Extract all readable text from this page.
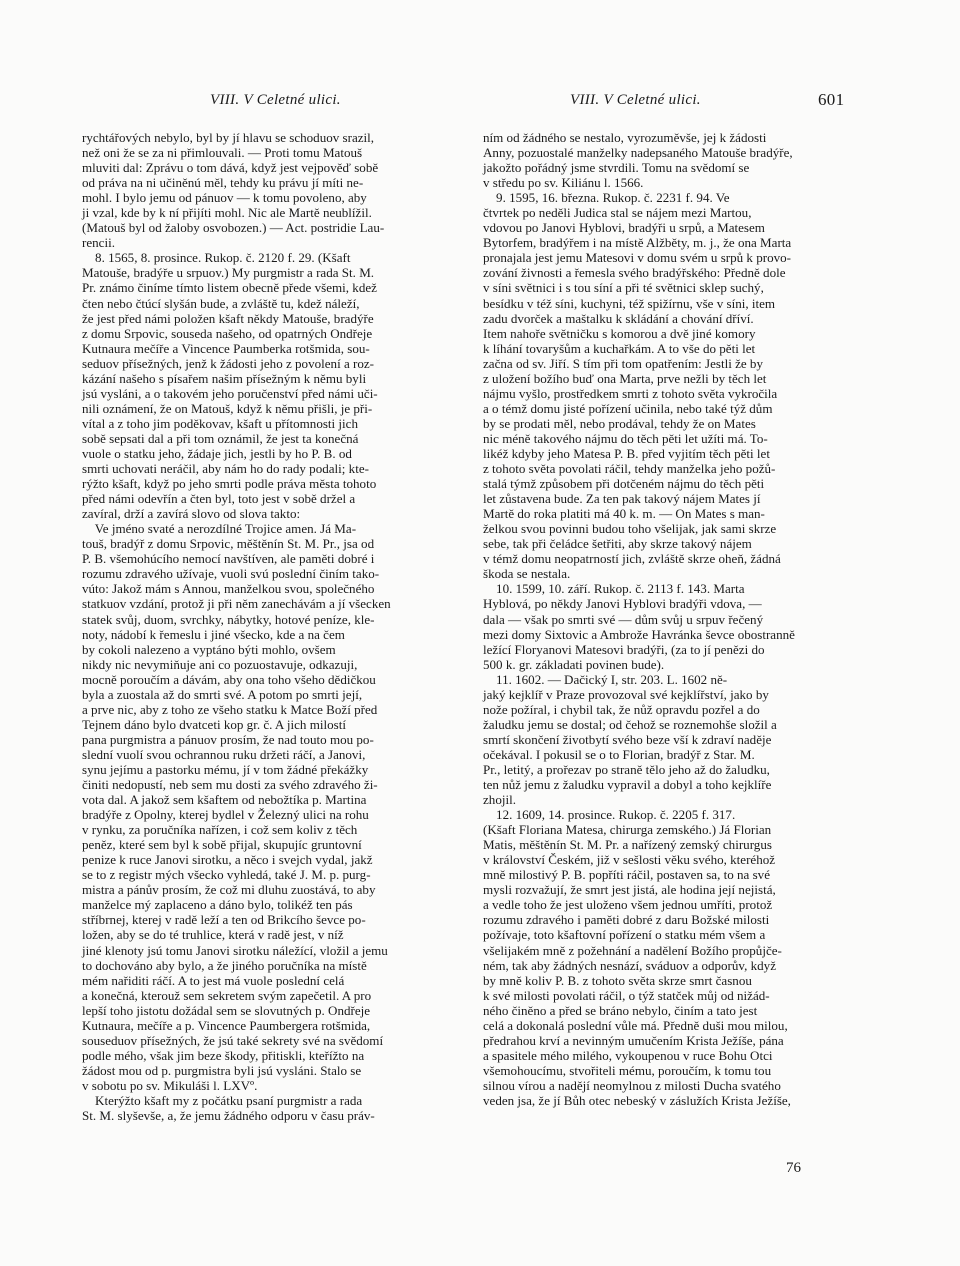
VIII. V Celetné ulici.	VIII. V Celetné ulici.	601

rychtářových nebylo, byl by jí hlavu se schoduov srazil,

než oni že se za ni přimlouvali. — Proti tomu Matouš

mluviti dal: Zprávu o tom dává, když jest vejpověď sobě

od práva na ni učiněnú měl, tehdy ku právu jí míti ne-

mohl. I bylo jemu od pánuov — k tomu povoleno, aby

ji vzal, kde by k ní přijíti mohl. Nic ale Martě neublížil.

(Matouš byl od žaloby osvobozen.) — Act. postridie Lau-

rencii.

8. 1565, 8. prosince. Rukop. č. 2120 f. 29. (Kšaft

Matouše, bradýře u srpuov.) My purgmistr a rada St. M.

Pr. známo činíme tímto listem obecně přede všemi, kdež

čten nebo čtúcí slyšán bude, a zvláště tu, kdež náleží,

že jest před námi položen kšaft někdy Matouše, bradýře

z domu Srpovic, souseda našeho, od opatrných Ondřeje

Kutnaura mečíře a Vincence Paumberka rotšmida, sou-

seduov přísežných, jenž k žádosti jeho z povolení a roz-

kázání našeho s písařem našim přísežným k němu byli

jsú vysláni, a o takovém jeho poručenství před námi uči-

nili oznámení, že on Matouš, když k němu přišli, je při-

vítal a z toho jim poděkovav, kšaft u přítomnosti jich

sobě sepsati dal a při tom oznámil, že jest ta konečná

vuole o statku jeho, žádaje jich, jestli by ho P. B. od

smrti uchovati neráčil, aby nám ho do rady podali; kte-

rýžto kšaft, když po jeho smrti podle práva města tohoto

před námi odevřín a čten byl, toto jest v sobě držel a

zavíral, drží a zavírá slovo od slova takto:

Ve jméno svaté a nerozdílné Trojice amen. Já Ma-

touš, bradýř z domu Srpovic, měštěnín St. M. Pr., jsa od

P. B. všemohúcího nemocí navštíven, ale paměti dobré i

rozumu zdravého užívaje, vuoli svú poslední činím tako-

vúto: Jakož mám s Annou, manželkou svou, společného

statkuov vzdání, protož ji při něm zanechávám a jí všecken

statek svůj, duom, svrchky, nábytky, hotové peníze, kle-

noty, nádobí k řemeslu i jiné všecko, kde a na čem

by cokoli nalezeno a vyptáno býti mohlo, ovšem

nikdy nic nevymiňuje ani co pozuostavuje, odkazuji,

mocně poroučím a dávám, aby ona toho všeho dědičkou

byla a zuostala až do smrti své. A potom po smrti její,

a prve nic, aby z toho ze všeho statku k Matce Boží před

Tejnem dáno bylo dvatceti kop gr. č. A jich milostí

pana purgmistra a pánuov prosím, že nad touto mou po-

slední vuolí svou ochrannou ruku držeti ráčí, a Janovi,

synu jejímu a pastorku mému, jí v tom žádné překážky

činiti nedopustí, neb sem mu dosti za svého zdravého ži-

vota dal. A jakož sem kšaftem od nebožtíka p. Martina

bradýře z Opolny, kterej bydlel v Železný ulici na rohu

v rynku, za poručníka nařízen, i což sem koliv z těch

peněz, které sem byl k sobě přijal, skupujíc gruntovní

penize k ruce Janovi sirotku, a něco i svejch vydal, jakž

se to z registr mých všecko vyhledá, také J. M. p. purg-

mistra a pánův prosím, že což mi dluhu zuostává, to aby

manželce mý zaplaceno a dáno bylo, tolikéž ten pás

stříbrnej, kterej v radě leží a ten od Brikcího ševce po-

ložen, aby se do té truhlice, která v radě jest, v níž

jiné klenoty jsú tomu Janovi sirotku náležící, vložil a jemu

to dochováno aby bylo, a že jiného poručníka na místě

mém nařiditi ráčí. A to jest má vuole poslední celá

a konečná, kterouž sem sekretem svým zapečetil. A pro

lepší toho jistotu dožádal sem se slovutných p. Ondřeje

Kutnaura, mečíře a p. Vincence Paumbergera rotšmida,

souseduov přísežných, že jsú také sekrety své na svědomí

podle mého, však jim beze škody, přitiskli, kteřížto na

žádost mou od p. purgmistra byli jsú vysláni. Stalo se

v sobotu po sv. Mikuláši l. LXVº.

Kterýžto kšaft my z počátku psaní purgmistr a rada

St. M. slyševše, a, že jemu žádného odporu v času práv-

ním od žádného se nestalo, vyrozuměvše, jej k žádosti

Anny, pozuostalé manželky nadepsaného Matouše bradýře,

jakožto pořádný jsme stvrdili. Tomu na svědomí se

v středu po sv. Kiliánu l. 1566.

9. 1595, 16. března. Rukop. č. 2231 f. 94. Ve

čtvrtek po neděli Judica stal se nájem mezi Martou,

vdovou po Janovi Hyblovi, bradýři u srpů, a Matesem

Bytorfem, bradýřem i na místě Alžběty, m. j., že ona Marta

pronajala jest jemu Matesovi v domu svém u srpů k provo-

zování živnosti a řemesla svého bradýřského: Předně dole

v síni světnici i s tou síní a při té světnici sklep suchý,

besídku v též síni, kuchyni, též spižírnu, vše v síni, item

zadu dvorček a maštalku k skládání a chování dříví.

Item nahoře světničku s komorou a dvě jiné komory

k líhání tovaryšům a kuchařkám. A to vše do pěti let

začna od sv. Jiří. S tím při tom opatřením: Jestli že by

z uložení božího buď ona Marta, prve nežli by těch let

nájmu vyšlo, prostředkem smrti z tohoto světa vykročila

a o témž domu jisté pořízení učinila, nebo také týž dům

by se prodati měl, nebo prodával, tehdy že on Mates

nic méně takového nájmu do těch pěti let užíti má. To-

likéž kdyby jeho Matesa P. B. před vyjitím těch pěti let

z tohoto světa povolati ráčil, tehdy manželka jeho požů-

stalá týmž způsobem při dotčeném nájmu do těch pěti

let zůstavena bude. Za ten pak takový nájem Mates jí

Martě do roka platiti má 40 k. m. — On Mates s man-

želkou svou povinni budou toho všelijak, jak sami skrze

sebe, tak při čeládce šetřiti, aby skrze takový nájem

v témž domu neopatrností jich, zvláště skrze oheň, žádná

škoda se nestala.

10. 1599, 10. září. Rukop. č. 2113 f. 143. Marta

Hyblová, po někdy Janovi Hyblovi bradýři vdova, —

dala — však po smrti své — dům svůj u srpuv řečený

mezi domy Sixtovic a Ambrože Havránka ševce obostranně

ležící Floryanovi Matesovi bradýři, (za to jí penězi do

500 k. gr. základati povinen bude).

11. 1602. — Dačický I, str. 203. L. 1602 ně-

jaký kejklíř v Praze provozoval své kejklířství, jako by

nože požíral, i chybil tak, že nůž opravdu pozřel a do

žaludku jemu se dostal; od čehož se roznemohše složil a

smrtí skončení životbytí svého beze vší k zdraví naděje

očekával. I pokusil se o to Florian, bradýř z Star. M.

Pr., letitý, a prořezav po straně tělo jeho až do žaludku,

ten nůž jemu z žaludku vypravil a dobyl a toho kejklíře

zhojil.

12. 1609, 14. prosince. Rukop. č. 2205 f. 317.

(Kšaft Floriana Matesa, chirurga zemského.) Já Florian

Matis, měštěnín St. M. Pr. a nařízený zemský chirurgus

v království Českém, již v sešlosti věku svého, kteréhož

mně milostivý P. B. popříti ráčil, postaven sa, to na své

mysli rozvažují, že smrt jest jistá, ale hodina její nejistá,

a vedle toho že jest uloženo všem jednou umříti, protož

rozumu zdravého i paměti dobré z daru Božské milosti

požívaje, toto kšaftovní pořízení o statku mém všem a

všelijakém mně z požehnání a nadělení Božího propůjče-

ném, tak aby žádných nesnází, sváduov a odporův, když

by mně koliv P. B. z tohoto světa skrze smrt časnou

k své milosti povolati ráčil, o týž statček můj od nižád-

ného činěno a před se bráno nebylo, činím a tato jest

celá a dokonalá poslední vůle má. Předně duši mou milou,

předrahou krví a nevinným umučením Krista Ježíše, pána

a spasitele mého milého, vykoupenou v ruce Bohu Otci

všemohoucímu, stvořiteli mému, poroučím, k tomu tou

silnou vírou a nadějí neomylnou z milosti Ducha svatého

veden jsa, že jí Bůh otec nebeský v záslužích Krista Ježíše,

76
